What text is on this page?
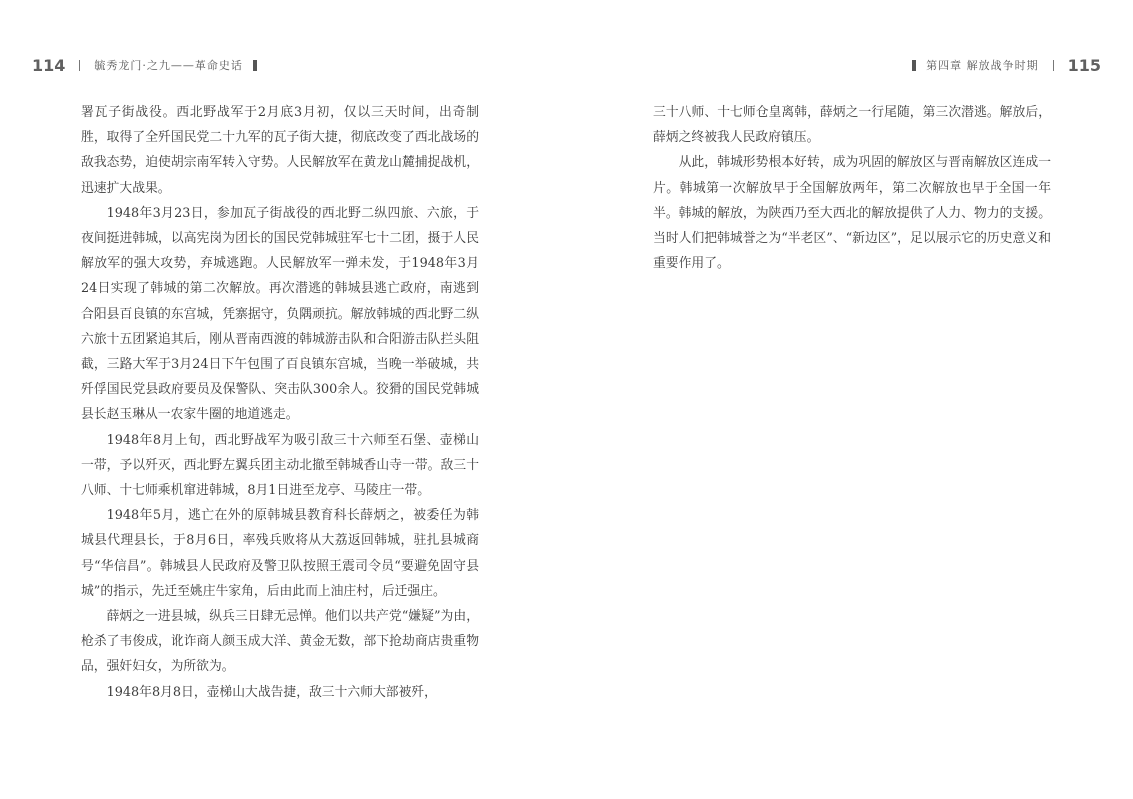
114	毓秀龙门·之九——革命史话	第四章 解放战争时期 115

署瓦子街战役。西北野战军于2月底3月初，仅以三天时间，出奇制胜，取得了全歼国民党二十九军的瓦子街大捷，彻底改变了西北战场的敌我态势，迫使胡宗南军转入守势。人民解放军在黄龙山麓捕捉战机，迅速扩大战果。

1948年3月23日，参加瓦子街战役的西北野二纵四旅、六旅，于夜间挺进韩城，以高宪岗为团长的国民党韩城驻军七十二团，摄于人民解放军的强大攻势，弃城逃跑。人民解放军一弹未发，于1948年3月24日实现了韩城的第二次解放。再次潜逃的韩城县逃亡政府，南逃到合阳县百良镇的东宫城，凭寨据守，负隅顽抗。解放韩城的西北野二纵六旅十五团紧追其后，刚从晋南西渡的韩城游击队和合阳游击队拦头阻截，三路大军于3月24日下午包围了百良镇东宫城，当晚一举破城，共歼俘国民党县政府要员及保警队、突击队300余人。狡猾的国民党韩城县长赵玉琳从一农家牛圈的地道逃走。

1948年8月上旬，西北野战军为吸引敌三十六师至石堡、壶梯山一带，予以歼灭，西北野左翼兵团主动北撤至韩城香山寺一带。敌三十八师、十七师乘机窜进韩城，8月1日进至龙亭、马陵庄一带。

1948年5月，逃亡在外的原韩城县教育科长薛炳之，被委任为韩城县代理县长，于8月6日，率残兵败将从大荔返回韩城，驻扎县城商号“华信昌”。韩城县人民政府及警卫队按照王震司令员“要避免固守县城”的指示，先迁至姚庄牛家角，后由此而上油庄村，后迁强庄。

薛炳之一进县城，纵兵三日肆无忌惮。他们以共产党“嫌疑”为由，枪杀了韦俊成，讹诈商人颜玉成大洋、黄金无数，部下抢劫商店贵重物品，强奸妇女，为所欲为。

1948年8月8日，壶梯山大战告捷，敌三十六师大部被歼，

三十八师、十七师仓皇离韩，薛炳之一行尾随，第三次潜逃。解放后，薛炳之终被我人民政府镇压。

从此，韩城形势根本好转，成为巩固的解放区与晋南解放区连成一片。韩城第一次解放早于全国解放两年，第二次解放也早于全国一年半。韩城的解放，为陕西乃至大西北的解放提供了人力、物力的支援。当时人们把韩城誉之为“半老区”、“新边区”，足以展示它的历史意义和重要作用了。
